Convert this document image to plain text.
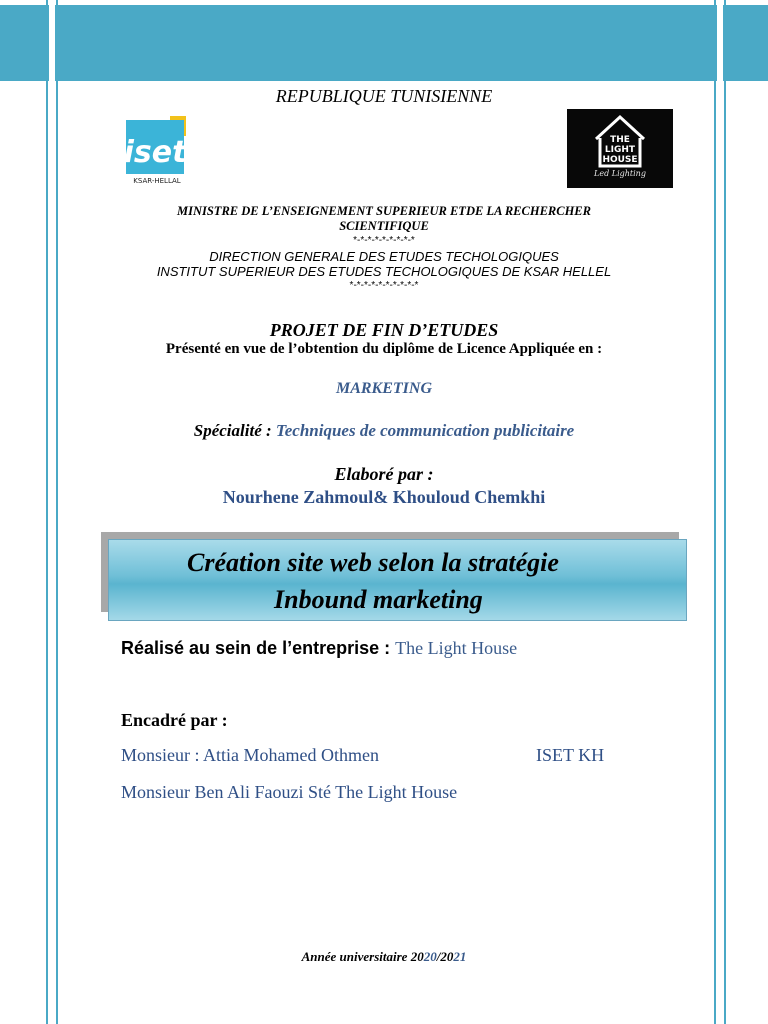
REPUBLIQUE TUNISIENNE
iset
KSAR-HELLAL
THE
LIGHT
HOUSE
Led Lighting
MINISTRE DE L’ENSEIGNEMENT SUPERIEUR ETDE LA RECHERCHER
SCIENTIFIQUE
*-*-*-*-*-*-*-*-*
DIRECTION GENERALE DES ETUDES TECHOLOGIQUES
INSTITUT SUPERIEUR DES ETUDES TECHOLOGIQUES DE KSAR HELLEL
*-*-*-*-*-*-*-*-*-*
PROJET DE FIN D’ETUDES
Présenté en vue de l’obtention du diplôme de Licence Appliquée en :
MARKETING
Spécialité : Techniques de communication publicitaire
Elaboré par :
Nourhene Zahmoul& Khouloud Chemkhi
Création site web selon la stratégie
Inbound marketing
Réalisé au sein de l’entreprise : The Light House
Encadré par :
Monsieur : Attia Mohamed Othmen	ISET KH
Monsieur Ben Ali Faouzi Sté The Light House
Année universitaire 2020/2021
